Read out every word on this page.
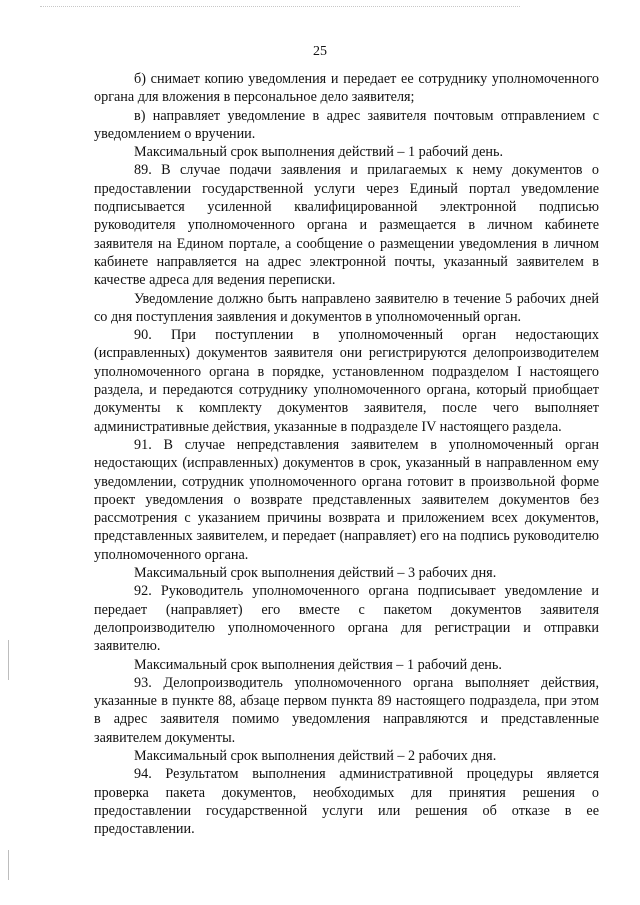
25

б) снимает копию уведомления и передает ее сотруднику уполномоченного органа для вложения в персональное дело заявителя;

в) направляет уведомление в адрес заявителя почтовым отправлением с уведомлением о вручении.

Максимальный срок выполнения действий – 1 рабочий день.

89. В случае подачи заявления и прилагаемых к нему документов о предоставлении государственной услуги через Единый портал уведомление подписывается усиленной квалифицированной электронной подписью руководителя уполномоченного органа и размещается в личном кабинете заявителя на Едином портале, а сообщение о размещении уведомления в личном кабинете направляется на адрес электронной почты, указанный заявителем в качестве адреса для ведения переписки.

Уведомление должно быть направлено заявителю в течение 5 рабочих дней со дня поступления заявления и документов в уполномоченный орган.

90. При поступлении в уполномоченный орган недостающих (исправленных) документов заявителя они регистрируются делопроизводителем уполномоченного органа в порядке, установленном подразделом I настоящего раздела, и передаются сотруднику уполномоченного органа, который приобщает документы к комплекту документов заявителя, после чего выполняет административные действия, указанные в подразделе IV настоящего раздела.

91. В случае непредставления заявителем в уполномоченный орган недостающих (исправленных) документов в срок, указанный в направленном ему уведомлении, сотрудник уполномоченного органа готовит в произвольной форме проект уведомления о возврате представленных заявителем документов без рассмотрения с указанием причины возврата и приложением всех документов, представленных заявителем, и передает (направляет) его на подпись руководителю уполномоченного органа.

Максимальный срок выполнения действий – 3 рабочих дня.

92. Руководитель уполномоченного органа подписывает уведомление и передает (направляет) его вместе с пакетом документов заявителя делопроизводителю уполномоченного органа для регистрации и отправки заявителю.

Максимальный срок выполнения действия – 1 рабочий день.

93. Делопроизводитель уполномоченного органа выполняет действия, указанные в пункте 88, абзаце первом пункта 89 настоящего подраздела, при этом в адрес заявителя помимо уведомления направляются и представленные заявителем документы.

Максимальный срок выполнения действий – 2 рабочих дня.

94. Результатом выполнения административной процедуры является проверка пакета документов, необходимых для принятия решения о предоставлении государственной услуги или решения об отказе в ее предоставлении.
